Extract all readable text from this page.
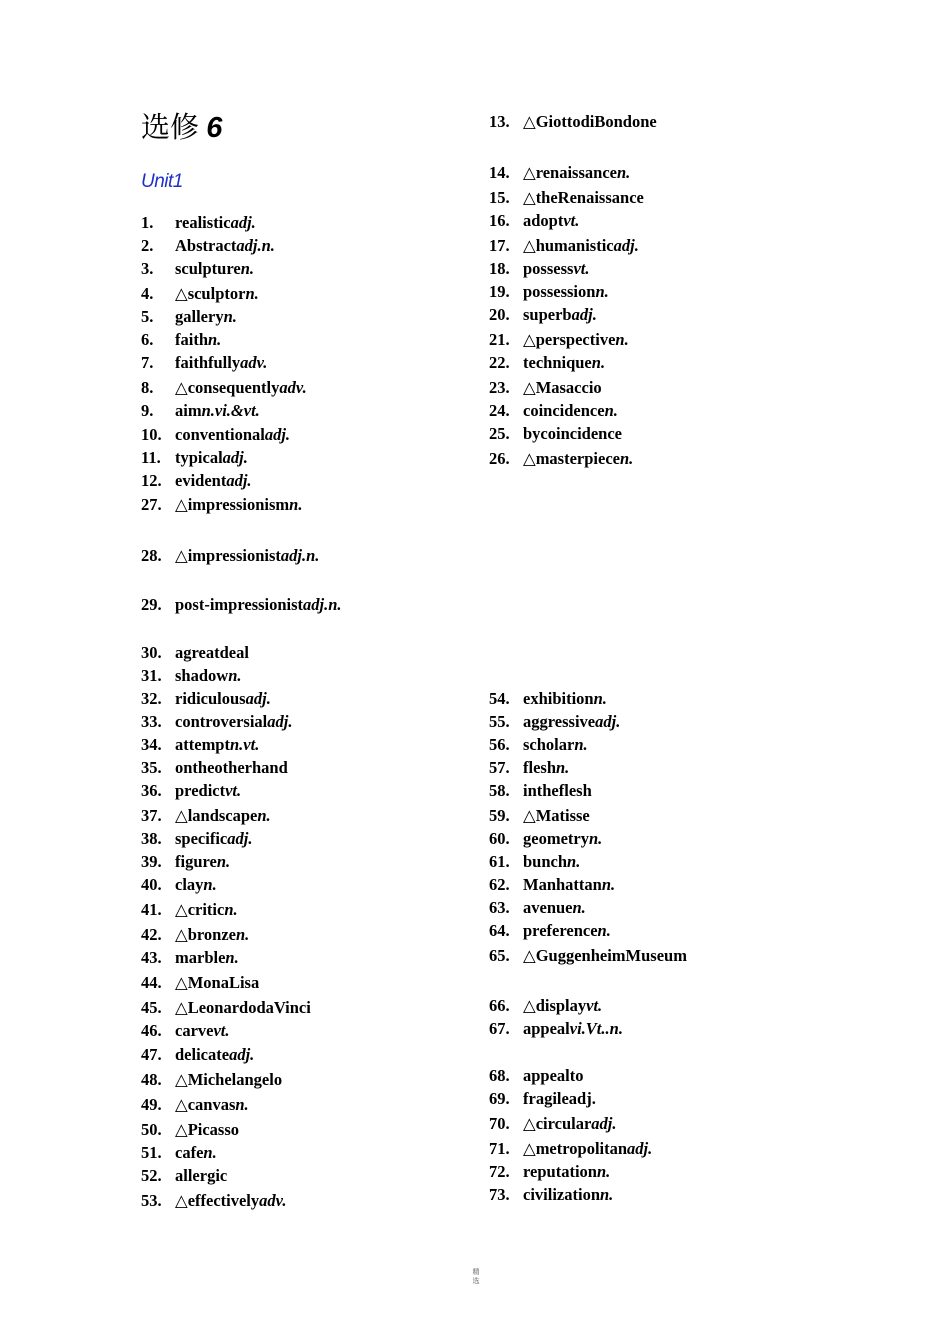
选修 6
Unit1
1. realisticadj.
2. Abstractadj.n.
3. sculpturen.
4. △sculptorn.
5. galleryn.
6. faithn.
7. faithfullyadv.
8. △consequentlyadv.
9. aimn.vi.&vt.
10. conventionaladj.
11. typicaladj.
12. evidentadj.
27. △impressionismn.
28. △impressionistadj.n.
29. post-impressionistadj.n.
30. agreatdeal
31. shadown.
32. ridiculousadj.
33. controversialadj.
34. attemptn.vt.
35. ontheotherhand
36. predictvt.
37. △landscapen.
38. specificadj.
39. figuren.
40. clayn.
41. △criticn.
42. △bronzen.
43. marblen.
44. △MonaLisa
45. △LeonardodaVinci
46. carvevt.
47. delicateadj.
48. △Michelangelo
49. △canvasn.
50. △Picasso
51. cafen.
52. allergic
53. △effectivelyadv.
13. △GiottodiBondone
14. △renaissancen.
15. △theRenaissance
16. adoptvt.
17. △humanisticadj.
18. possessvt.
19. possessionn.
20. superbadj.
21. △perspectiven.
22. techniquen.
23. △Masaccio
24. coincidencen.
25. bycoincidence
26. △masterpiecen.
54. exhibitionn.
55. aggressiveadj.
56. scholarn.
57. fleshn.
58. intheflesh
59. △Matisse
60. geometryn.
61. bunchn.
62. Manhattann.
63. avenuen.
64. preferencen.
65. △GuggenheimMuseum
66. △displayvt.
67. appealvi.Vt..n.
68. appealto
69. fragileadj.
70. △circularadj.
71. △metropolitanadj.
72. reputationn.
73. civilizationn.
精
选
